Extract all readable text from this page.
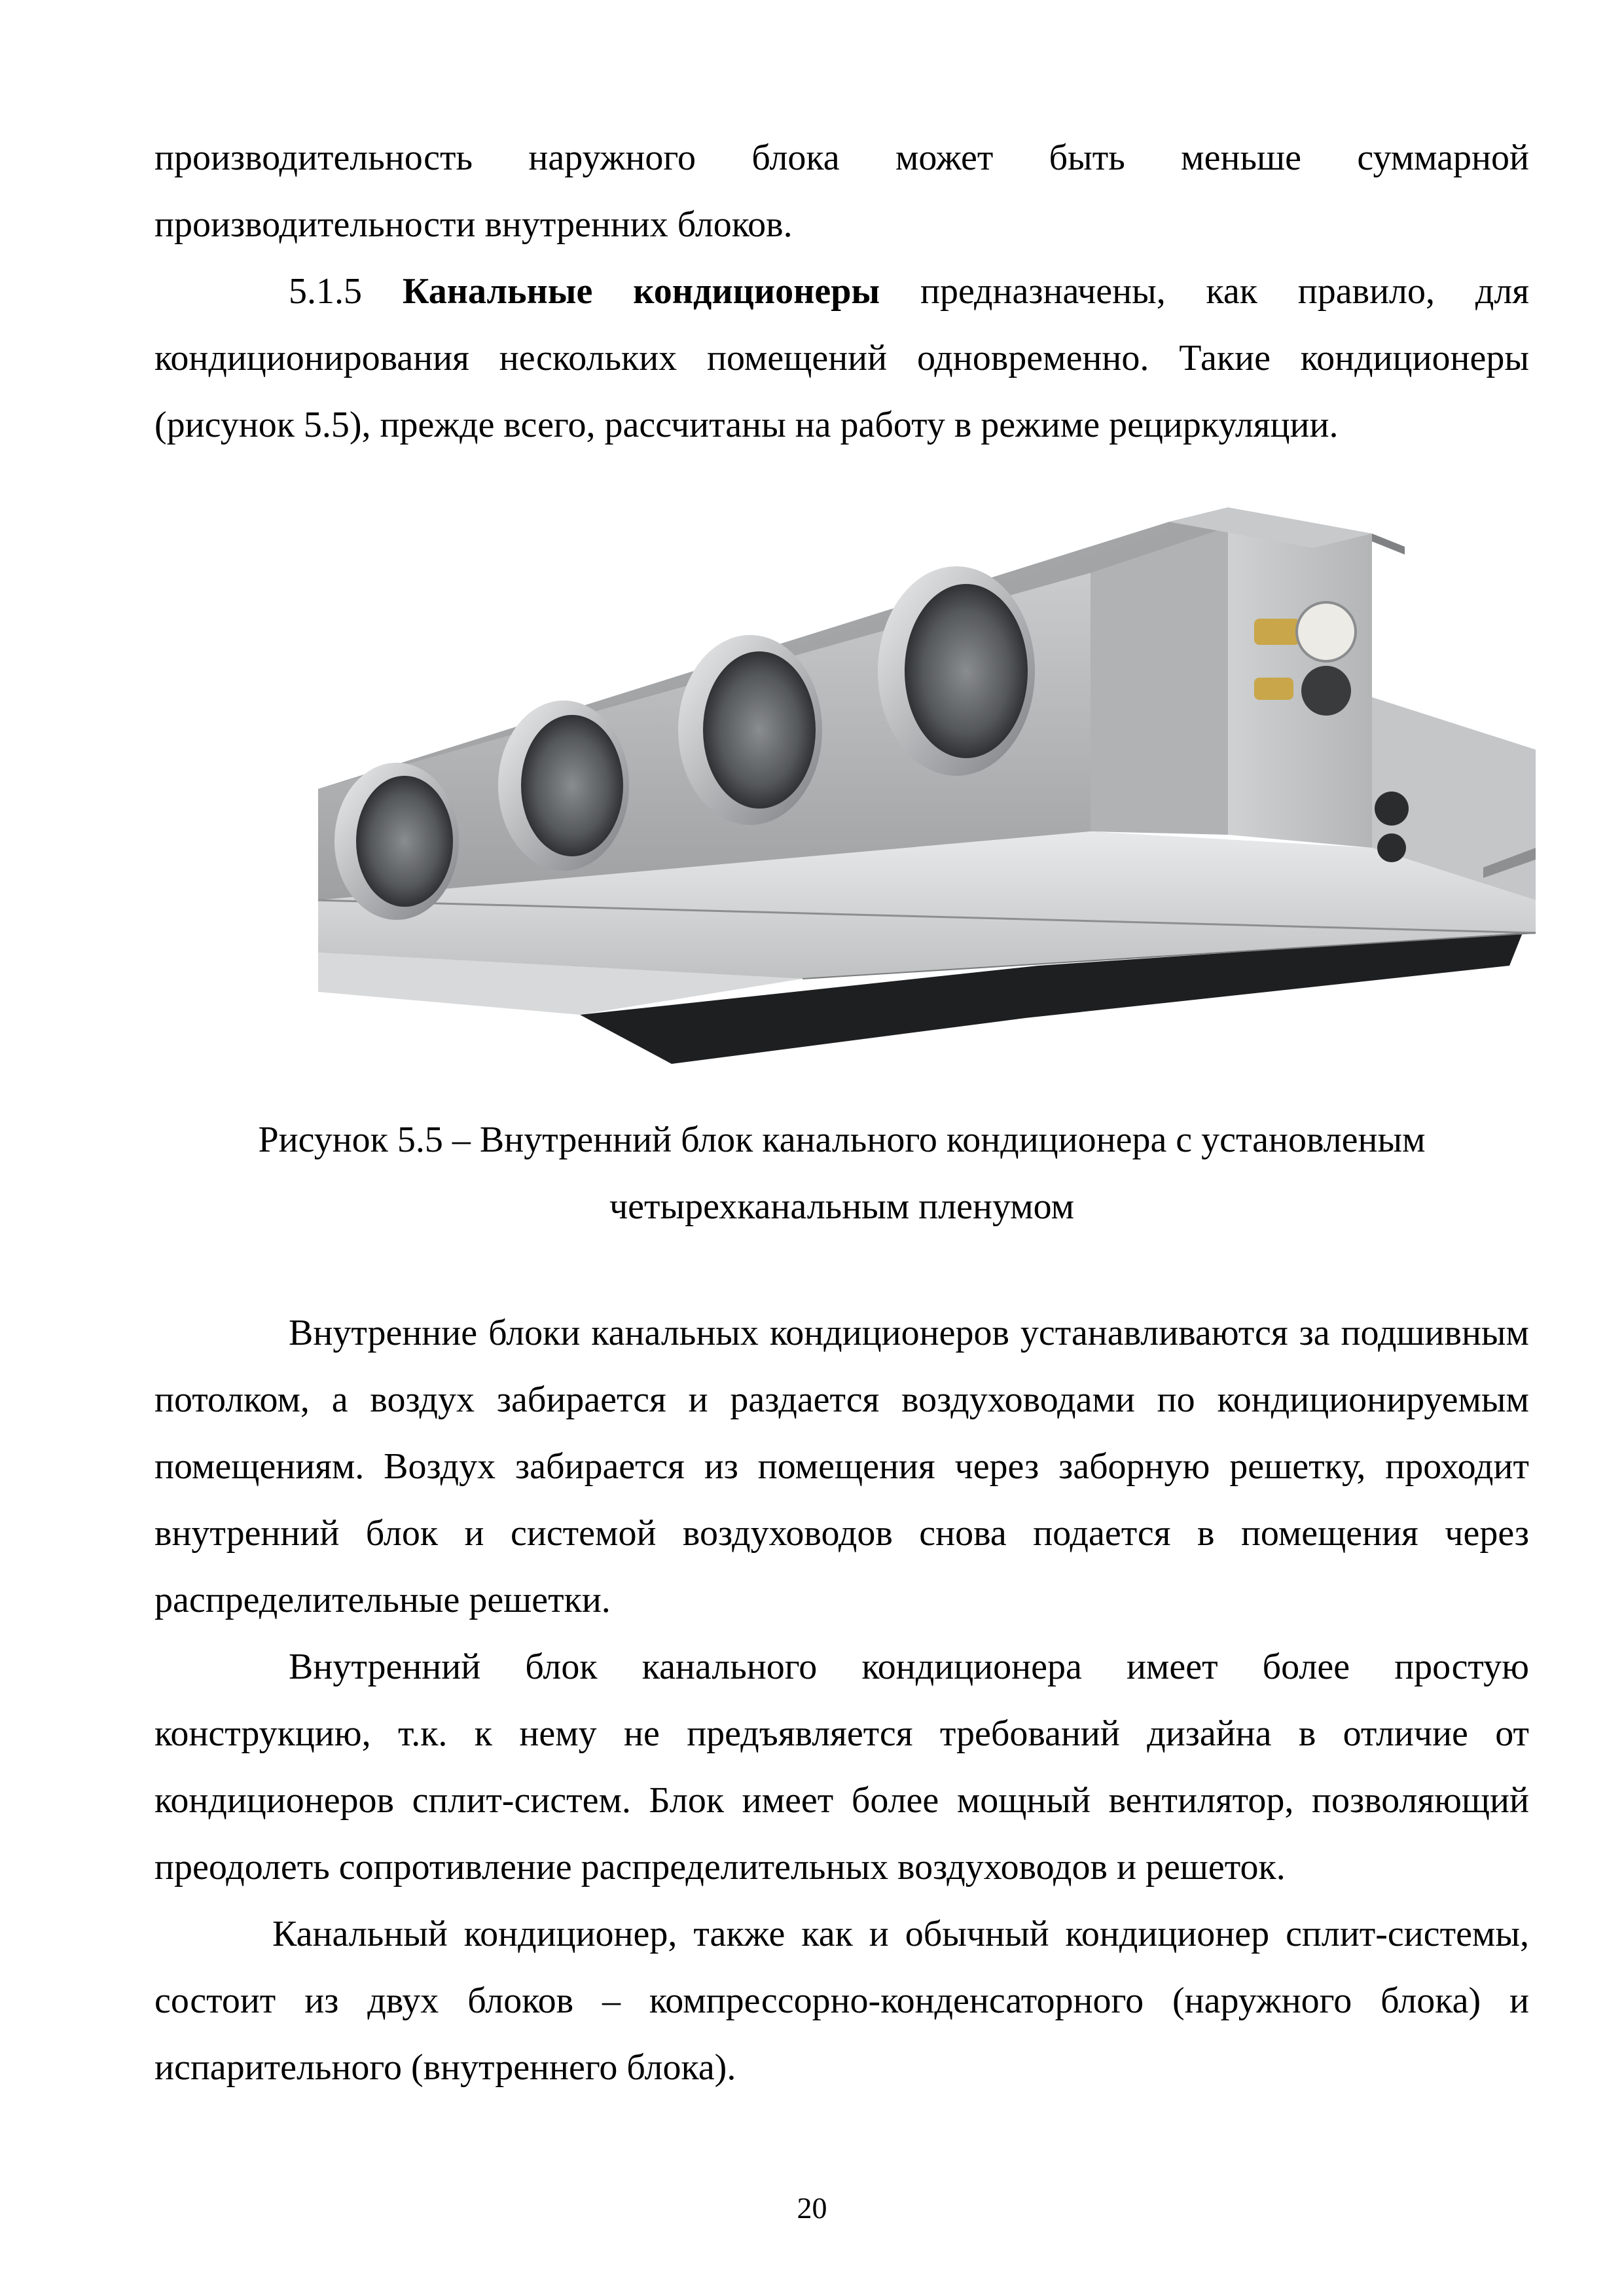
производительность наружного блока может быть меньше суммарной
производительности внутренних блоков.

5.1.5 Канальные кондиционеры предназначены, как правило, для кондиционирования нескольких помещений одновременно. Такие кондиционеры (рисунок 5.5), прежде всего, рассчитаны на работу в режиме рециркуляции.

Рисунок 5.5 – Внутренний блок канального кондиционера с установленым
четырехканальным пленумом

Внутренние блоки канальных кондиционеров устанавливаются за подшивным потолком, а воздух забирается и раздается воздуховодами по кондиционируемым помещениям. Воздух забирается из помещения через заборную решетку, проходит внутренний блок и системой воздуховодов снова подается в помещения через распределительные решетки.

Внутренний блок канального кондиционера имеет более простую конструкцию, т.к. к нему не предъявляется требований дизайна в отличие от кондиционеров сплит-систем. Блок имеет более мощный вентилятор, позволяющий преодолеть сопротивление распределительных воздуховодов и решеток.

Канальный кондиционер, также как и обычный кондиционер сплит-системы, состоит из двух блоков – компрессорно-конденсаторного (наружного блока) и испарительного (внутреннего блока).

20
